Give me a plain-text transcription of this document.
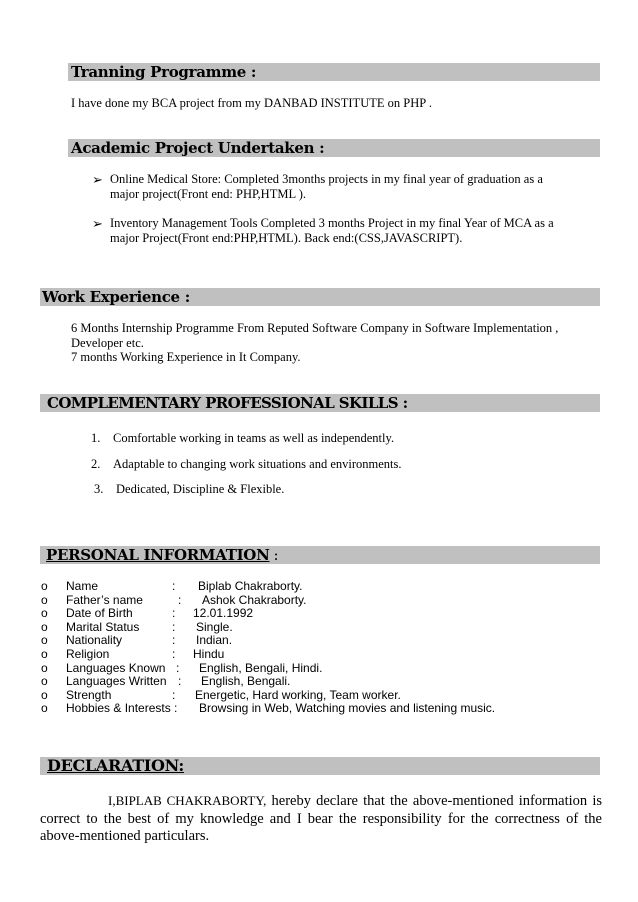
Tranning Programme :
I have done my BCA project from my DANBAD INSTITUTE on PHP .
Academic Project Undertaken :
➢ Online Medical Store: Completed 3months projects in my final year of graduation as a
major project(Front end: PHP,HTML ).
➢ Inventory Management Tools Completed 3 months Project in my final Year of MCA as a
major Project(Front end:PHP,HTML). Back end:(CSS,JAVASCRIPT).
Work Experience :
6 Months Internship Programme From Reputed Software Company in Software Implementation ,
Developer etc.
7 months Working Experience in It Company.
COMPLEMENTARY PROFESSIONAL SKILLS :
1. Comfortable working in teams as well as independently.
2. Adaptable to changing work situations and environments.
3. Dedicated, Discipline & Flexible.
PERSONAL INFORMATION :
o Name	: Biplab Chakraborty.
o Father’s name	: Ashok Chakraborty.
o Date of Birth	: 12.01.1992
o Marital Status	: Single.
o Nationality	: Indian.
o Religion	: Hindu
o Languages Known : English, Bengali, Hindi.
o Languages Written : English, Bengali.
o Strength	: Energetic, Hard working, Team worker.
o Hobbies & Interests : Browsing in Web, Watching movies and listening music.
DECLARATION:

I,BIPLAB CHAKRABORTY, hereby declare that the above-mentioned information is correct to the best of my knowledge and I bear the responsibility for the correctness of the above-mentioned particulars.
